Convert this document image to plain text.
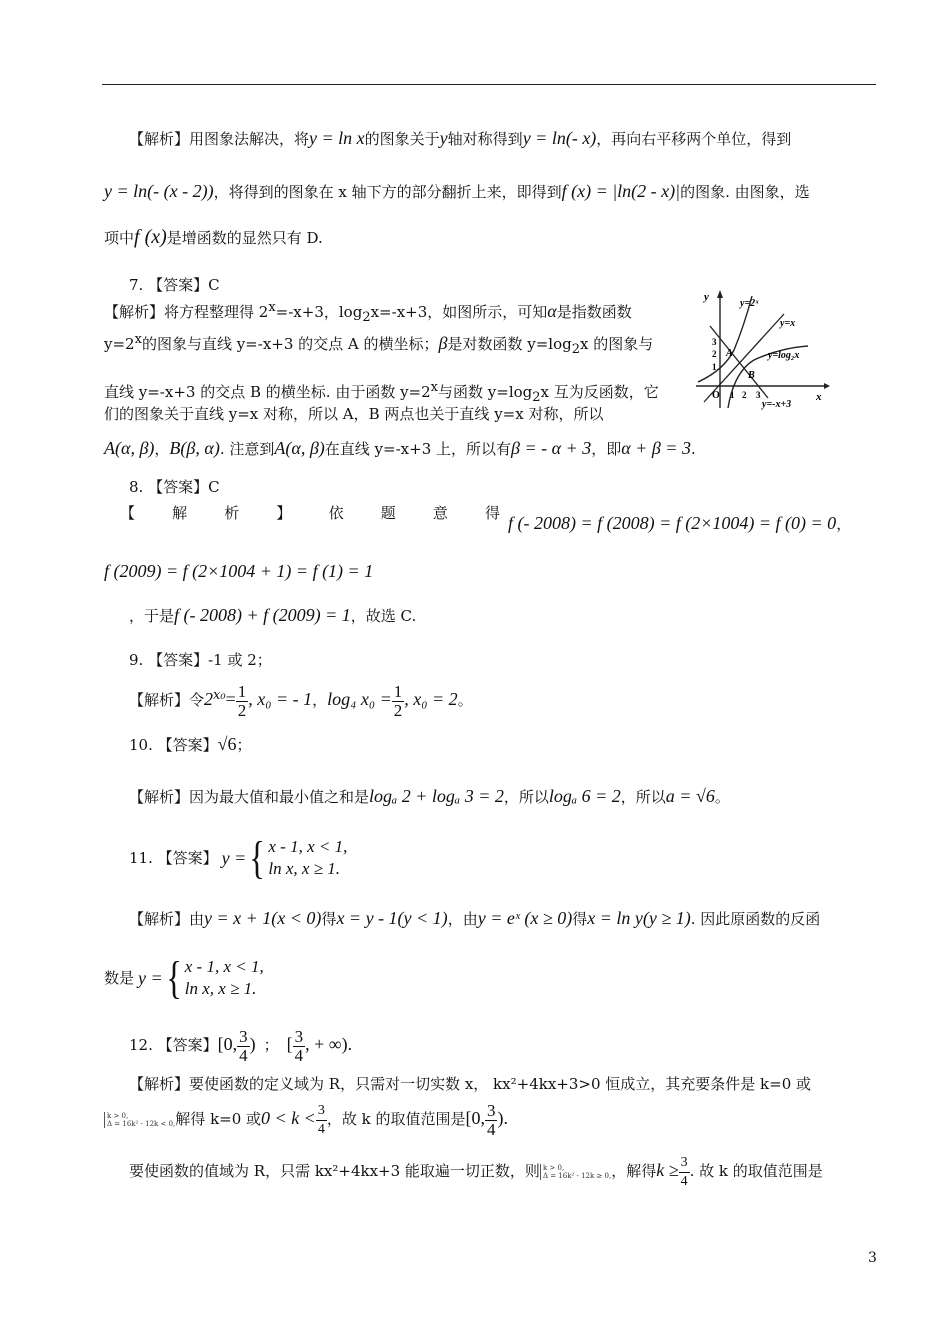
【解析】用图象法解决，将y = ln x的图象关于y轴对称得到y = ln(- x)，再向右平移两个单位，得到
y = ln(- (x - 2))，将得到的图象在 x 轴下方的部分翻折上来，即得到f (x) = |ln(2 - x)|的图象. 由图象，选
项中f (x)是增函数的显然只有 D.
7. 【答案】C
【解析】将方程整理得 $2^x=-x+3$，$\log_2x=-x+3$，如图所示，可知α是指数函数
$y=2^x$的图象与直线 y=-x+3 的交点 A 的横坐标；β是对数函数 $y=\log_2x$ 的图象与
直线 y=-x+3 的交点 B 的横坐标. 由于函数 $y=2^x$与函数 $y=\log_2x$ 互为反函数，它
们的图象关于直线 y=x 对称，所以 A，B 两点也关于直线 y=x 对称，所以
A(α, β)，B(β, α). 注意到A(α, β)在直线 y=-x+3 上，所以有β = - α + 3，即α + β = 3.
y
x
O
3
2
1
1 2 3
y=2ˣ
y=x
y=log₂x
y=-x+3
A
B
8. 【答案】C
【 解 析 】 依 题 意 得 f (- 2008) = f (2008) = f (2×1004) = f (0) = 0，
f (2009) = f (2×1004 + 1) = f (1) = 1
，于是f (- 2008) + f (2009) = 1，故选 C.
9. 【答案】-1 或 2；
【解析】令$2^{x_0}= \frac{1}{2}$ , x₀ = - 1，log₄ $x_0 = \frac{1}{2}$ , x₀ = 2。
10. 【答案】√6；
【解析】因为最大值和最小值之和是logₐ 2 + logₐ 3 = 2，所以logₐ 6 = 2，所以a = √6。
11. 【答案】 y = { x - 1, x < 1,
ln x, x ≥ 1.
【解析】由y = x + 1(x < 0)得x = y - 1(y < 1)，由y = eˣ (x ≥ 0)得x = ln y(y ≥ 1). 因此原函数的反函
数是 y = { x - 1, x < 1,
ln x, x ≥ 1.
12. 【答案】[0, $\frac{3}{4}$ ) ； [ $\frac{3}{4}$ , + ∞).
【解析】要使函数的定义域为 R，只需对一切实数 x， kx²+4kx+3>0 恒成立，其充要条件是 k=0 或
k > 0,
Δ = 16k² - 12k < 0, 解得 k=0 或$0 < k < \frac{3}{4}$ ，故 k 的取值范围是[0, $\frac{3}{4}$ ).
要使函数的值域为 R，只需 kx²+4kx+3 能取遍一切正数，则 k > 0,
Δ = 16k² - 12k ≥ 0, ，解得$k \ge \frac{3}{4}$ . 故 k 的取值范围是
3
